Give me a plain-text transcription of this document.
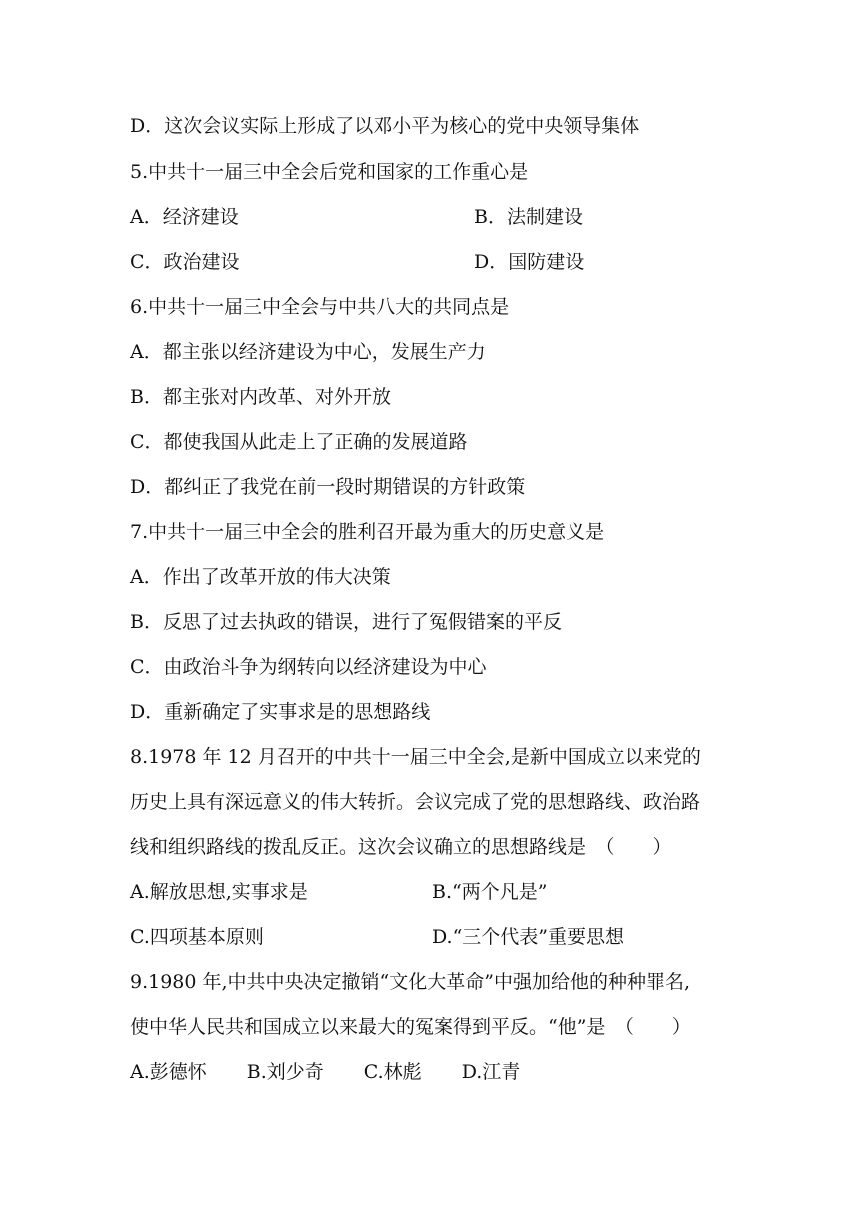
D．这次会议实际上形成了以邓小平为核心的党中央领导集体
5.中共十一届三中全会后党和国家的工作重心是
A．经济建设	B．法制建设
C．政治建设	D．国防建设
6.中共十一届三中全会与中共八大的共同点是
A．都主张以经济建设为中心，发展生产力
B．都主张对内改革、对外开放
C．都使我国从此走上了正确的发展道路
D．都纠正了我党在前一段时期错误的方针政策
7.中共十一届三中全会的胜利召开最为重大的历史意义是
A．作出了改革开放的伟大决策
B．反思了过去执政的错误，进行了冤假错案的平反
C．由政治斗争为纲转向以经济建设为中心
D．重新确定了实事求是的思想路线
8.1978 年 12 月召开的中共十一届三中全会,是新中国成立以来党的
历史上具有深远意义的伟大转折。会议完成了党的思想路线、政治路
线和组织路线的拨乱反正。这次会议确立的思想路线是　（　　）
A.解放思想,实事求是	B.“两个凡是”
C.四项基本原则	D.“三个代表”重要思想
9.1980 年,中共中央决定撤销“文化大革命”中强加给他的种种罪名,
使中华人民共和国成立以来最大的冤案得到平反。“他”是　（　　）
A.彭德怀 B.刘少奇 C.林彪 D.江青
